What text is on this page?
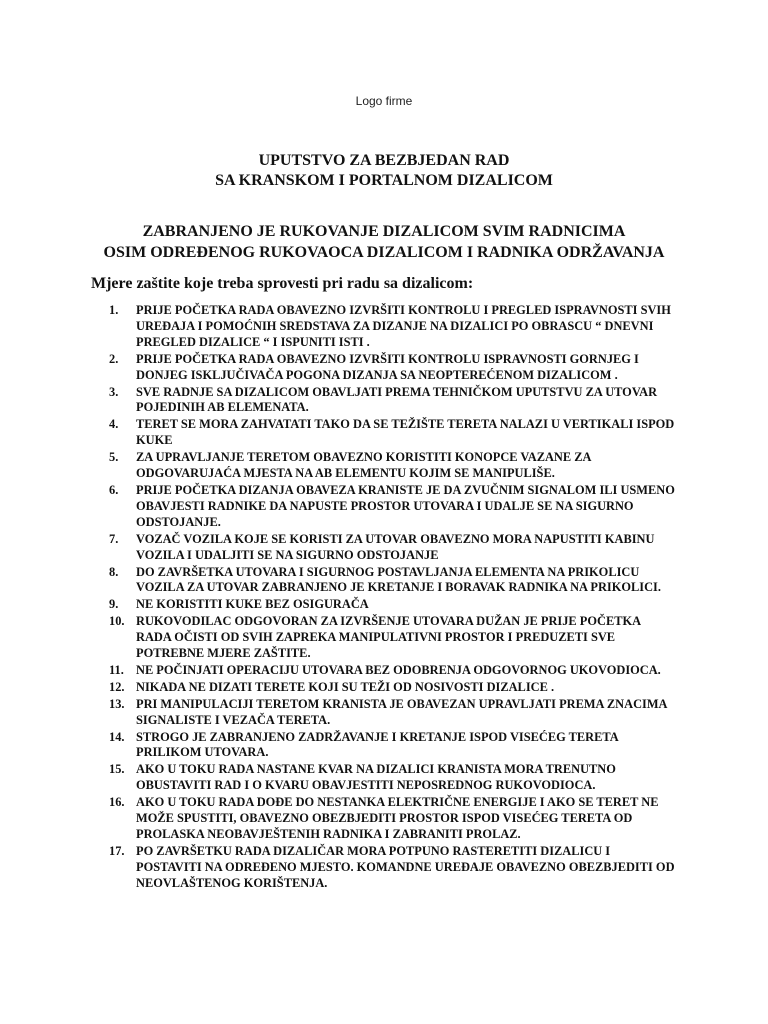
Logo firme
UPUTSTVO ZA BEZBJEDAN RAD
SA KRANSKOM I PORTALNOM DIZALICOM
ZABRANJENO JE RUKOVANJE DIZALICOM SVIM RADNICIMA
OSIM ODREĐENOG RUKOVAOCA DIZALICOM I RADNIKA ODRŽAVANJA
Mjere zaštite koje treba sprovesti pri radu sa dizalicom:
1.	PRIJE POČETKA RADA OBAVEZNO IZVRŠITI KONTROLU I PREGLED ISPRAVNOSTI SVIH UREĐAJA I POMOĆNIH SREDSTAVA ZA DIZANJE NA DIZALICI PO OBRASCU “ DNEVNI PREGLED DIZALICE “ I ISPUNITI ISTI .
2.	PRIJE POČETKA RADA OBAVEZNO IZVRŠITI KONTROLU ISPRAVNOSTI GORNJEG I DONJEG ISKLJUČIVAČA POGONA DIZANJA SA NEOPTEREĆENOM DIZALICOM .
3.	SVE RADNJE SA DIZALICOM OBAVLJATI PREMA TEHNIČKOM UPUTSTVU ZA UTOVAR POJEDINIH AB ELEMENATA.
4.	TERET SE MORA ZAHVATATI TAKO DA SE TEŽIŠTE TERETA NALAZI U VERTIKALI ISPOD KUKE
5.	ZA UPRAVLJANJE TERETOM OBAVEZNO KORISTITI KONOPCE VAZANE ZA ODGOVARUJAĆA MJESTA NA AB ELEMENTU KOJIM SE MANIPULIŠE.
6.	PRIJE POČETKA DIZANJA OBAVEZA KRANISTE JE DA ZVUČNIM SIGNALOM ILI USMENO OBAVJESTI RADNIKE DA NAPUSTE PROSTOR UTOVARA I UDALJE SE NA SIGURNO ODSTOJANJE.
7.	VOZAČ VOZILA KOJE SE KORISTI ZA UTOVAR OBAVEZNO MORA NAPUSTITI KABINU VOZILA I UDALJITI SE NA SIGURNO ODSTOJANJE
8.	DO ZAVRŠETKA UTOVARA I SIGURNOG POSTAVLJANJA ELEMENTA NA PRIKOLICU VOZILA ZA UTOVAR ZABRANJENO JE KRETANJE I BORAVAK RADNIKA NA PRIKOLICI.
9.	NE KORISTITI KUKE BEZ OSIGURAČA
10. RUKOVODILAC ODGOVORAN ZA IZVRŠENJE UTOVARA DUŽAN JE PRIJE POČETKA RADA OČISTI OD SVIH ZAPREKA MANIPULATIVNI PROSTOR I PREDUZETI SVE POTREBNE MJERE ZAŠTITE.
11. NE POČINJATI OPERACIJU UTOVARA BEZ ODOBRENJA ODGOVORNOG UKOVODIOCA.
12. NIKADA NE DIZATI TERETE KOJI SU TEŽI OD NOSIVOSTI DIZALICE .
13. PRI MANIPULACIJI TERETOM KRANISTA JE OBAVEZAN UPRAVLJATI PREMA ZNACIMA SIGNALISTE I VEZAČA TERETA.
14. STROGO JE ZABRANJENO ZADRŽAVANJE I KRETANJE ISPOD VISEĆEG TERETA PRILIKOM UTOVARA.
15. AKO U TOKU RADA NASTANE KVAR NA DIZALICI KRANISTA MORA TRENUTNO OBUSTAVITI RAD I O KVARU OBAVJESTITI NEPOSREDNOG RUKOVODIOCA.
16. AKO U TOKU RADA DOĐE DO NESTANKA ELEKTRIČNE ENERGIJE I AKO SE TERET NE MOŽE SPUSTITI, OBAVEZNO OBEZBJEDITI PROSTOR ISPOD VISEĆEG TERETA OD PROLASKA NEOBAVJEŠTENIH RADNIKA I ZABRANITI PROLAZ.
17. PO ZAVRŠETKU RADA DIZALIČAR MORA POTPUNO RASTERETITI DIZALICU I POSTAVITI NA ODREĐENO MJESTO. KOMANDNE UREĐAJE OBAVEZNO OBEZBJEDITI OD NEOVLAŠTENOG KORIŠTENJA.
